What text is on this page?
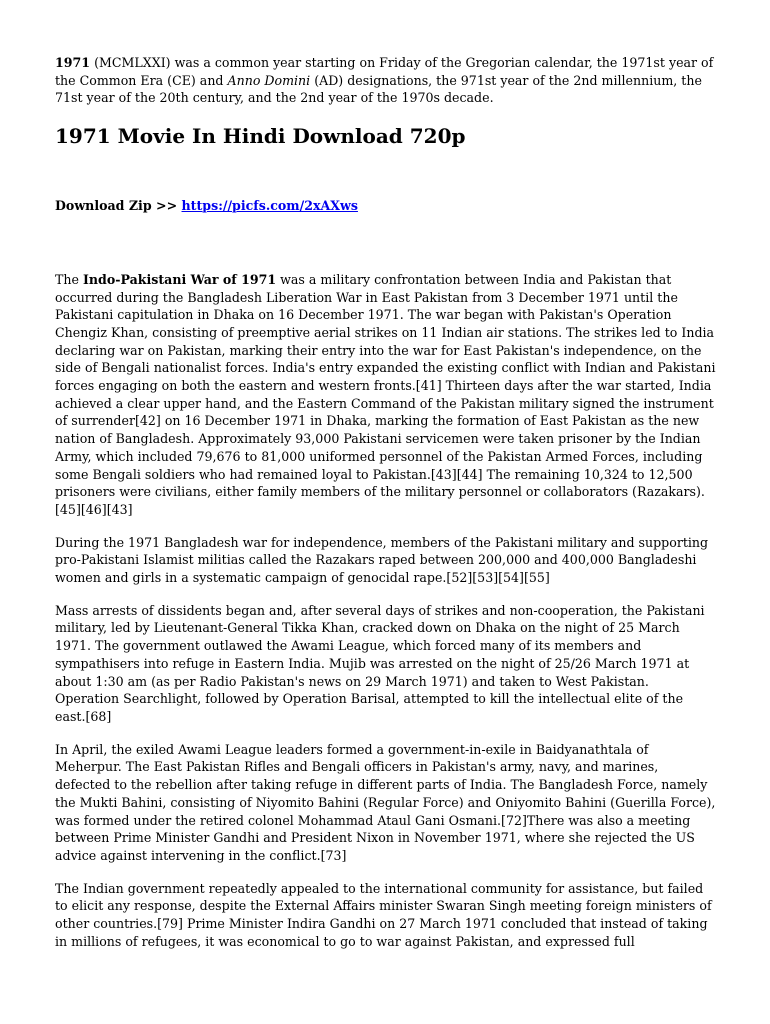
1971 (MCMLXXI) was a common year starting on Friday of the Gregorian calendar, the 1971st year of the Common Era (CE) and Anno Domini (AD) designations, the 971st year of the 2nd millennium, the 71st year of the 20th century, and the 2nd year of the 1970s decade.

1971 Movie In Hindi Download 720p

Download Zip >> https://picfs.com/2xAXws

The Indo-Pakistani War of 1971 was a military confrontation between India and Pakistan that occurred during the Bangladesh Liberation War in East Pakistan from 3 December 1971 until the Pakistani capitulation in Dhaka on 16 December 1971. The war began with Pakistan's Operation Chengiz Khan, consisting of preemptive aerial strikes on 11 Indian air stations. The strikes led to India declaring war on Pakistan, marking their entry into the war for East Pakistan's independence, on the side of Bengali nationalist forces. India's entry expanded the existing conflict with Indian and Pakistani forces engaging on both the eastern and western fronts.[41] Thirteen days after the war started, India achieved a clear upper hand, and the Eastern Command of the Pakistan military signed the instrument of surrender[42] on 16 December 1971 in Dhaka, marking the formation of East Pakistan as the new nation of Bangladesh. Approximately 93,000 Pakistani servicemen were taken prisoner by the Indian Army, which included 79,676 to 81,000 uniformed personnel of the Pakistan Armed Forces, including some Bengali soldiers who had remained loyal to Pakistan.[43][44] The remaining 10,324 to 12,500 prisoners were civilians, either family members of the military personnel or collaborators (Razakars).[45][46][43]

During the 1971 Bangladesh war for independence, members of the Pakistani military and supporting pro-Pakistani Islamist militias called the Razakars raped between 200,000 and 400,000 Bangladeshi women and girls in a systematic campaign of genocidal rape.[52][53][54][55]

Mass arrests of dissidents began and, after several days of strikes and non-cooperation, the Pakistani military, led by Lieutenant-General Tikka Khan, cracked down on Dhaka on the night of 25 March 1971. The government outlawed the Awami League, which forced many of its members and sympathisers into refuge in Eastern India. Mujib was arrested on the night of 25/26 March 1971 at about 1:30 am (as per Radio Pakistan's news on 29 March 1971) and taken to West Pakistan. Operation Searchlight, followed by Operation Barisal, attempted to kill the intellectual elite of the east.[68]

In April, the exiled Awami League leaders formed a government-in-exile in Baidyanathtala of Meherpur. The East Pakistan Rifles and Bengali officers in Pakistan's army, navy, and marines, defected to the rebellion after taking refuge in different parts of India. The Bangladesh Force, namely the Mukti Bahini, consisting of Niyomito Bahini (Regular Force) and Oniyomito Bahini (Guerilla Force), was formed under the retired colonel Mohammad Ataul Gani Osmani.[72]There was also a meeting between Prime Minister Gandhi and President Nixon in November 1971, where she rejected the US advice against intervening in the conflict.[73]

The Indian government repeatedly appealed to the international community for assistance, but failed to elicit any response, despite the External Affairs minister Swaran Singh meeting foreign ministers of other countries.[79] Prime Minister Indira Gandhi on 27 March 1971 concluded that instead of taking in millions of refugees, it was economical to go to war against Pakistan, and expressed full
